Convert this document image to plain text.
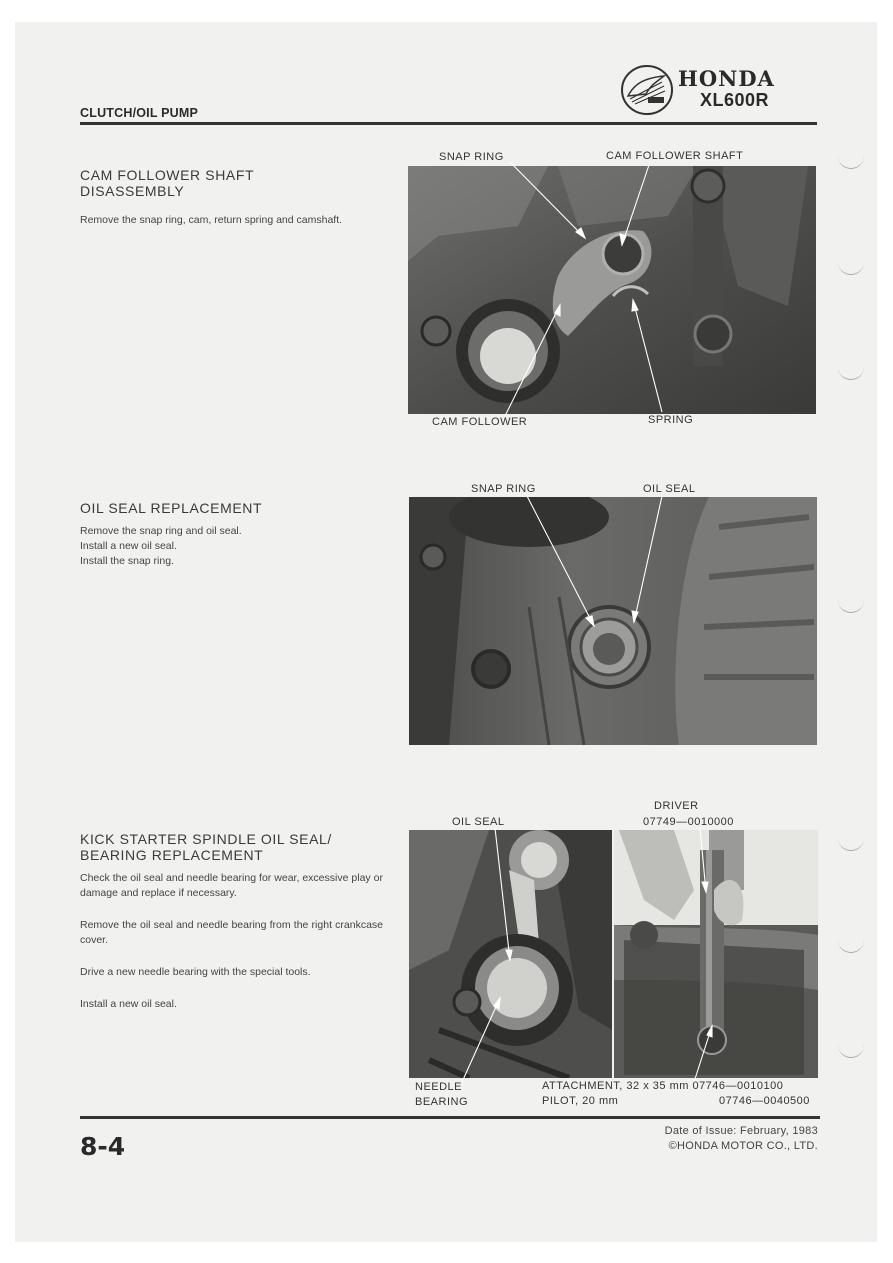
CLUTCH/OIL PUMP
HONDA
XL600R
CAM FOLLOWER SHAFT
DISASSEMBLY
Remove the snap ring, cam, return spring and camshaft.
SNAP RING	CAM FOLLOWER SHAFT
CAM FOLLOWER	SPRING
OIL SEAL REPLACEMENT
Remove the snap ring and oil seal.
Install a new oil seal.
Install the snap ring.
SNAP RING	OIL SEAL
KICK STARTER SPINDLE OIL SEAL/
BEARING REPLACEMENT
Check the oil seal and needle bearing for wear, excessive play or damage and replace if necessary.
Remove the oil seal and needle bearing from the right crankcase cover.
Drive a new needle bearing with the special tools.
Install a new oil seal.
OIL SEAL
DRIVER
07749—0010000
NEEDLE
BEARING
ATTACHMENT, 32 x 35 mm 07746—0010100
PILOT, 20 mm	07746—0040500
8-4
Date of Issue: February, 1983
©HONDA MOTOR CO., LTD.
